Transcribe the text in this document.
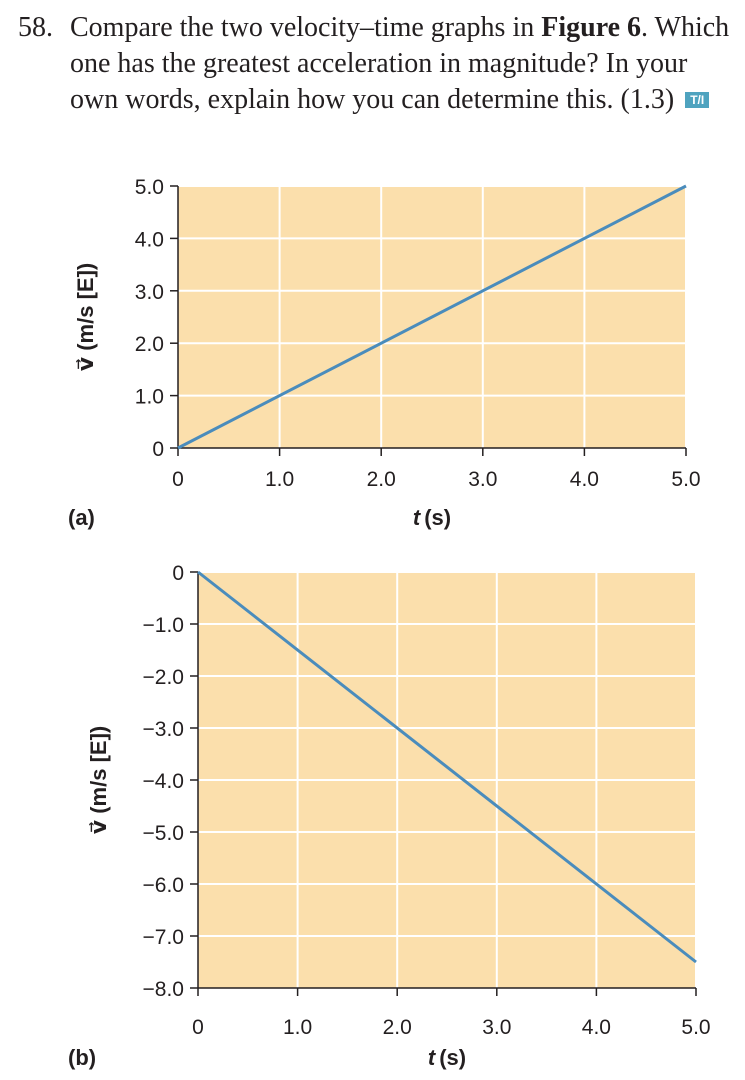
58. Compare the two velocity–time graphs in Figure 6. Which one has the greatest acceleration in magnitude? In your own words, explain how you can determine this. (1.3) T/I
0
1.0
2.0
3.0
4.0
5.0
0	1.0	2.0	3.0	4.0	5.0
t (s)
v⃗ (m/s [E])
(a)
0
−1.0
−2.0
−3.0
−4.0
−5.0
−6.0
−7.0
−8.0
0	1.0	2.0	3.0	4.0	5.0
t (s)
v⃗ (m/s [E])
(b)
